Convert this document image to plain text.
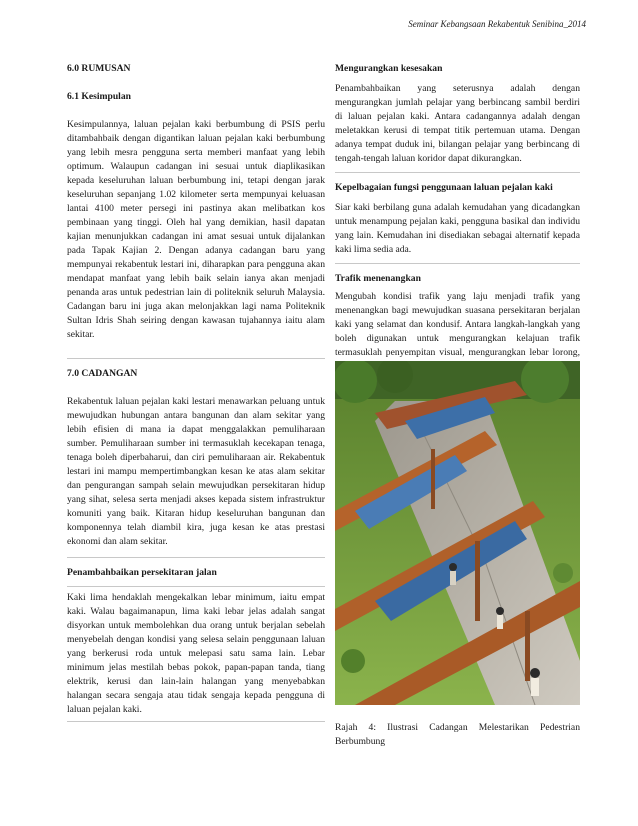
Seminar Kebangsaan Rekabentuk Senibina_2014

6.0 RUMUSAN

6.1 Kesimpulan

Kesimpulannya, laluan pejalan kaki berbumbung di PSIS perlu ditambahbaik dengan digantikan laluan pejalan kaki berbumbung yang lebih mesra pengguna serta memberi manfaat yang lebih optimum. Walaupun cadangan ini sesuai untuk diaplikasikan kepada keseluruhan laluan berbumbung ini, tetapi dengan jarak keseluruhan sepanjang 1.02 kilometer serta mempunyai keluasan lantai 4100 meter persegi ini pastinya akan melibatkan kos pembinaan yang tinggi. Oleh hal yang demikian, hasil dapatan kajian menunjukkan cadangan ini amat sesuai untuk dijalankan pada Tapak Kajian 2. Dengan adanya cadangan baru yang mempunyai rekabentuk lestari ini, diharapkan para pengguna akan mendapat manfaat yang lebih baik selain ianya akan menjadi penanda aras untuk pedestrian lain di politeknik seluruh Malaysia. Cadangan baru ini juga akan melonjakkan lagi nama Politeknik Sultan Idris Shah seiring dengan kawasan tujahannya iaitu alam sekitar.

7.0 CADANGAN

Rekabentuk laluan pejalan kaki lestari menawarkan peluang untuk mewujudkan hubungan antara bangunan dan alam sekitar yang lebih efisien di mana ia dapat menggalakkan pemuliharaan sumber. Pemuliharaan sumber ini termasuklah kecekapan tenaga, tenaga boleh diperbaharui, dan ciri pemuliharaan air. Rekabentuk lestari ini mampu mempertimbangkan kesan ke atas alam sekitar dan pengurangan sampah selain mewujudkan persekitaran hidup yang sihat, selesa serta menjadi akses kepada sistem infrastruktur komuniti yang baik. Kitaran hidup keseluruhan bangunan dan komponennya telah diambil kira, juga kesan ke atas prestasi ekonomi dan alam sekitar.

Penambahbaikan persekitaran jalan

Kaki lima hendaklah mengekalkan lebar minimum, iaitu empat kaki. Walau bagaimanapun, lima kaki lebar jelas adalah sangat disyorkan untuk membolehkan dua orang untuk berjalan sebelah menyebelah dengan kondisi yang selesa selain penggunaan laluan yang berkerusi roda untuk melepasi satu sama lain. Lebar minimum jelas mestilah bebas pokok, papan-papan tanda, tiang elektrik, kerusi dan lain-lain halangan yang menyebabkan halangan secara sengaja atau tidak sengaja kepada pengguna di laluan pejalan kaki.

Mengurangkan kesesakan

Penambahbaikan yang seterusnya adalah dengan mengurangkan jumlah pelajar yang berbincang sambil berdiri di laluan pejalan kaki. Antara cadangannya adalah dengan meletakkan kerusi di tempat titik pertemuan utama. Dengan adanya tempat duduk ini, bilangan pelajar yang berbincang di tengah-tengah laluan koridor dapat dikurangkan.

Kepelbagaian fungsi penggunaan laluan pejalan kaki

Siar kaki berbilang guna adalah kemudahan yang dicadangkan untuk menampung pejalan kaki, pengguna basikal dan individu yang lain. Kemudahan ini disediakan sebagai alternatif kepada kaki lima sedia ada.

Trafik menenangkan

Mengubah kondisi trafik yang laju menjadi trafik yang menenangkan bagi mewujudkan suasana persekitaran berjalan kaki yang selamat dan kondusif. Antara langkah-langkah yang boleh digunakan untuk mengurangkan kelajuan trafik termasuklah penyempitan visual, mengurangkan lebar lorong,

Rajah 4: Ilustrasi Cadangan Melestarikan Pedestrian Berbumbung
